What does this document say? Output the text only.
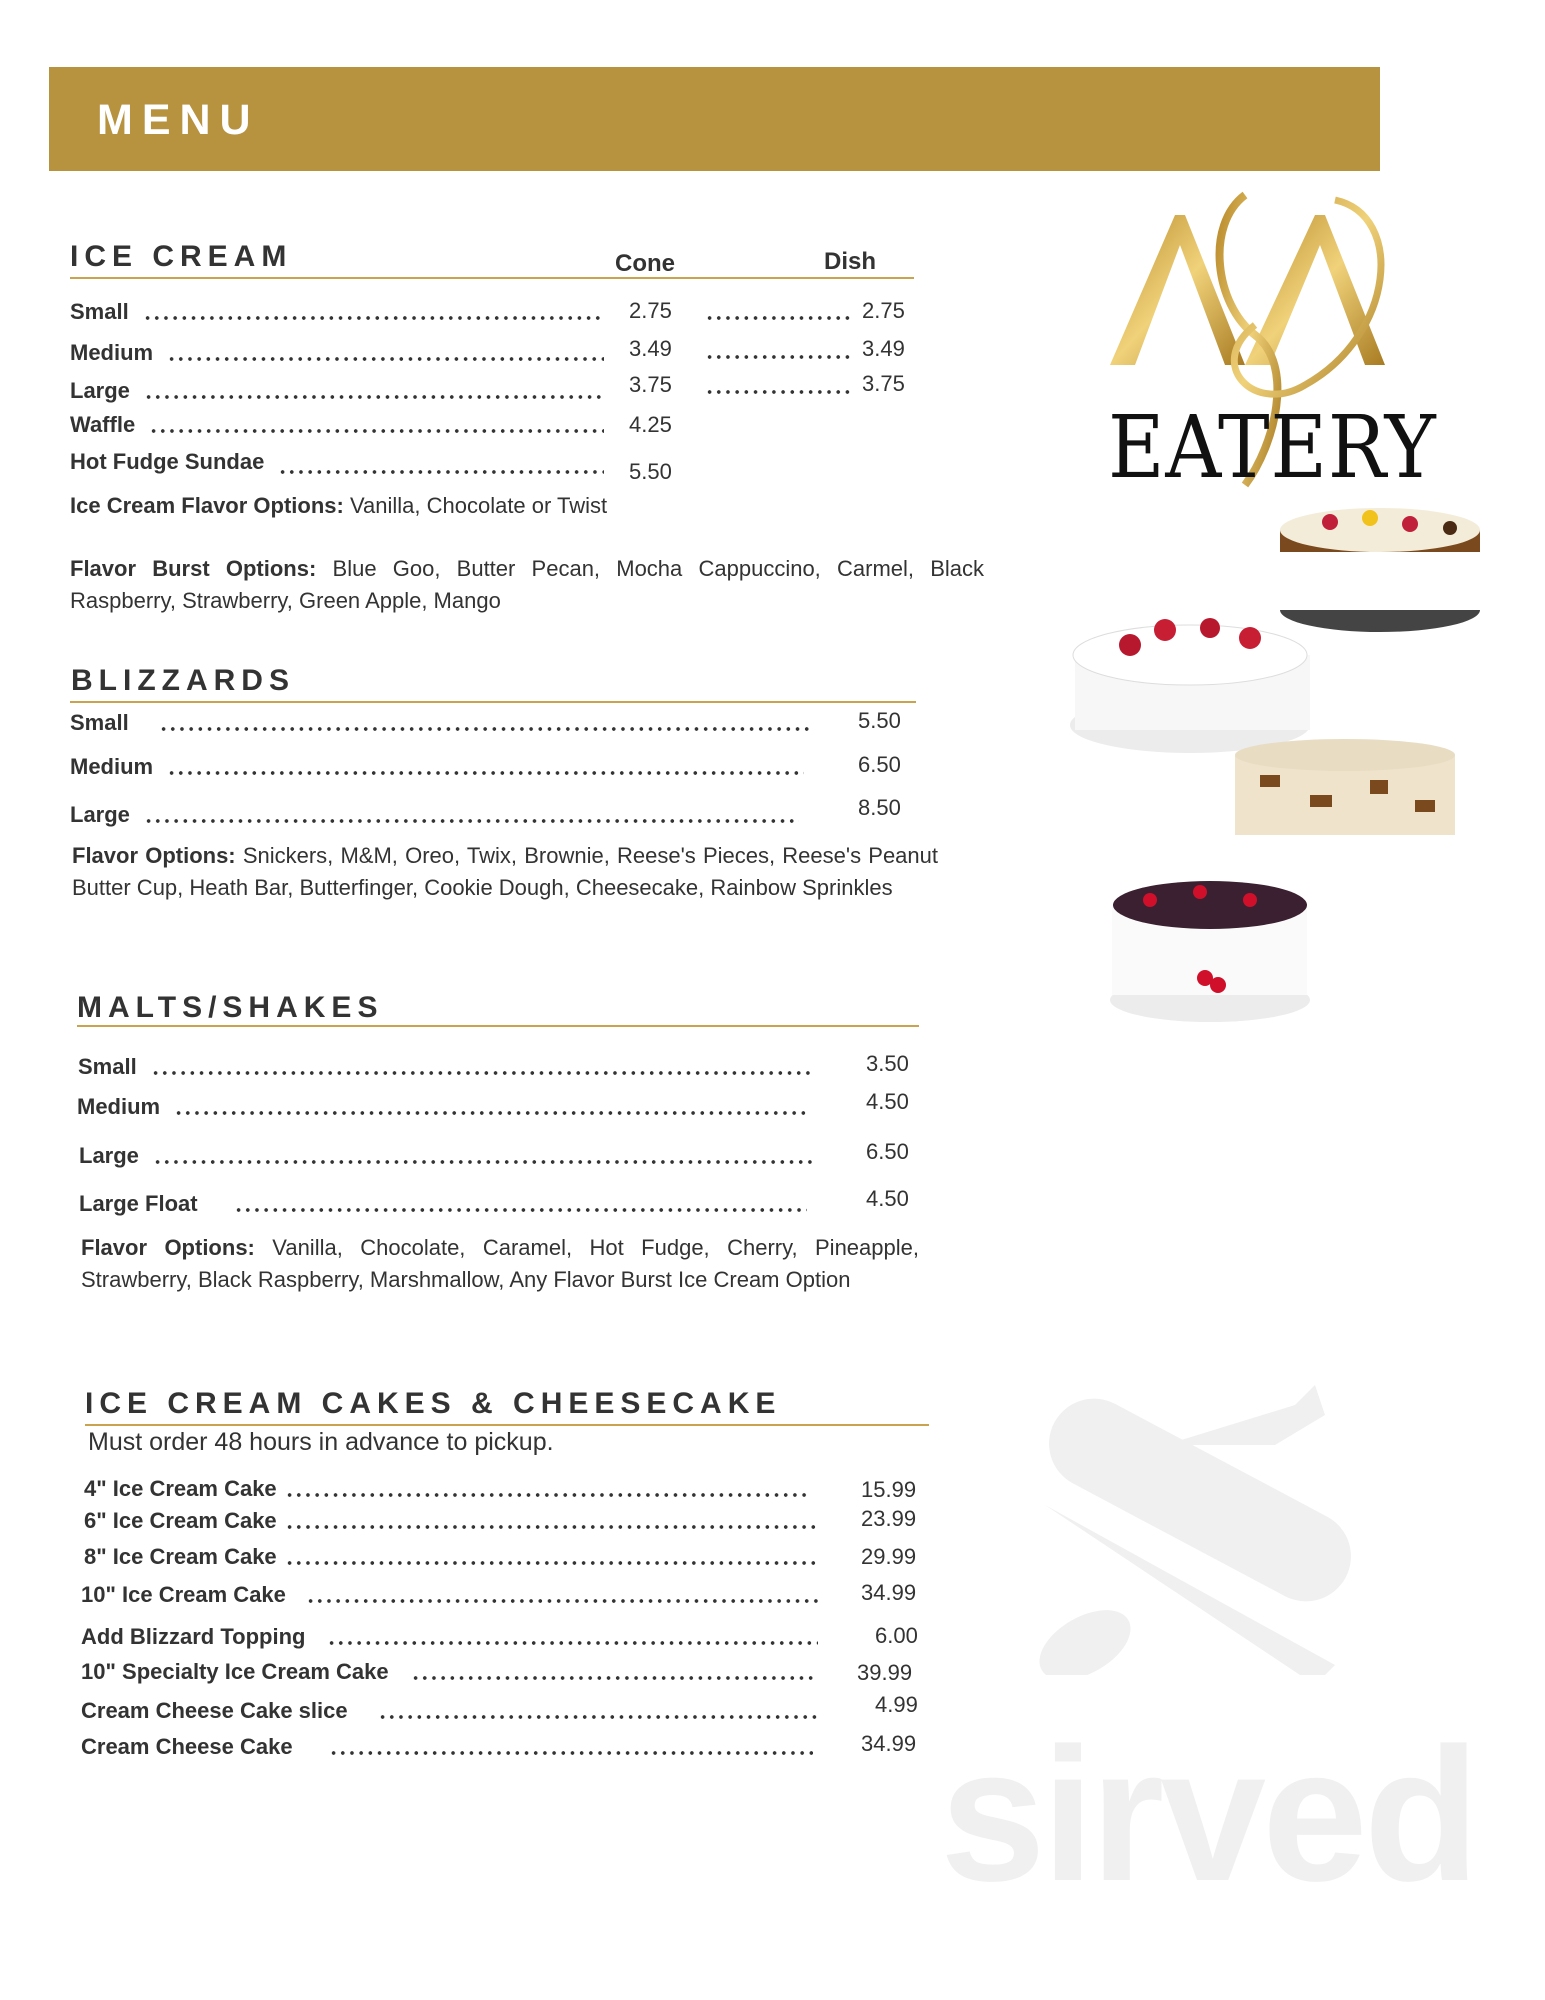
MENU
ICE CREAM	Cone	Dish
Small	2.75	2.75
Medium	3.49	3.49
Large	3.75	3.75
Waffle	4.25
Hot Fudge Sundae	5.50
Ice Cream Flavor Options: Vanilla, Chocolate or Twist
Flavor Burst Options: Blue Goo, Butter Pecan, Mocha Cappuccino, Carmel, Black Raspberry, Strawberry, Green Apple, Mango
BLIZZARDS
Small	5.50
Medium	6.50
Large	8.50
Flavor Options: Snickers, M&M, Oreo, Twix, Brownie, Reese's Pieces, Reese's Peanut Butter Cup, Heath Bar, Butterfinger, Cookie Dough, Cheesecake, Rainbow Sprinkles
MALTS/SHAKES
Small	3.50
Medium	4.50
Large	6.50
Large Float	4.50
Flavor Options: Vanilla, Chocolate, Caramel, Hot Fudge, Cherry, Pineapple, Strawberry, Black Raspberry, Marshmallow, Any Flavor Burst Ice Cream Option
ICE CREAM CAKES & CHEESECAKE
Must order 48 hours in advance to pickup.
4" Ice Cream Cake	15.99
6" Ice Cream Cake	23.99
8" Ice Cream Cake	29.99
10" Ice Cream Cake	34.99
Add Blizzard Topping	6.00
10" Specialty Ice Cream Cake	39.99
Cream Cheese Cake slice	4.99
Cream Cheese Cake	34.99
EATERY
sirved
